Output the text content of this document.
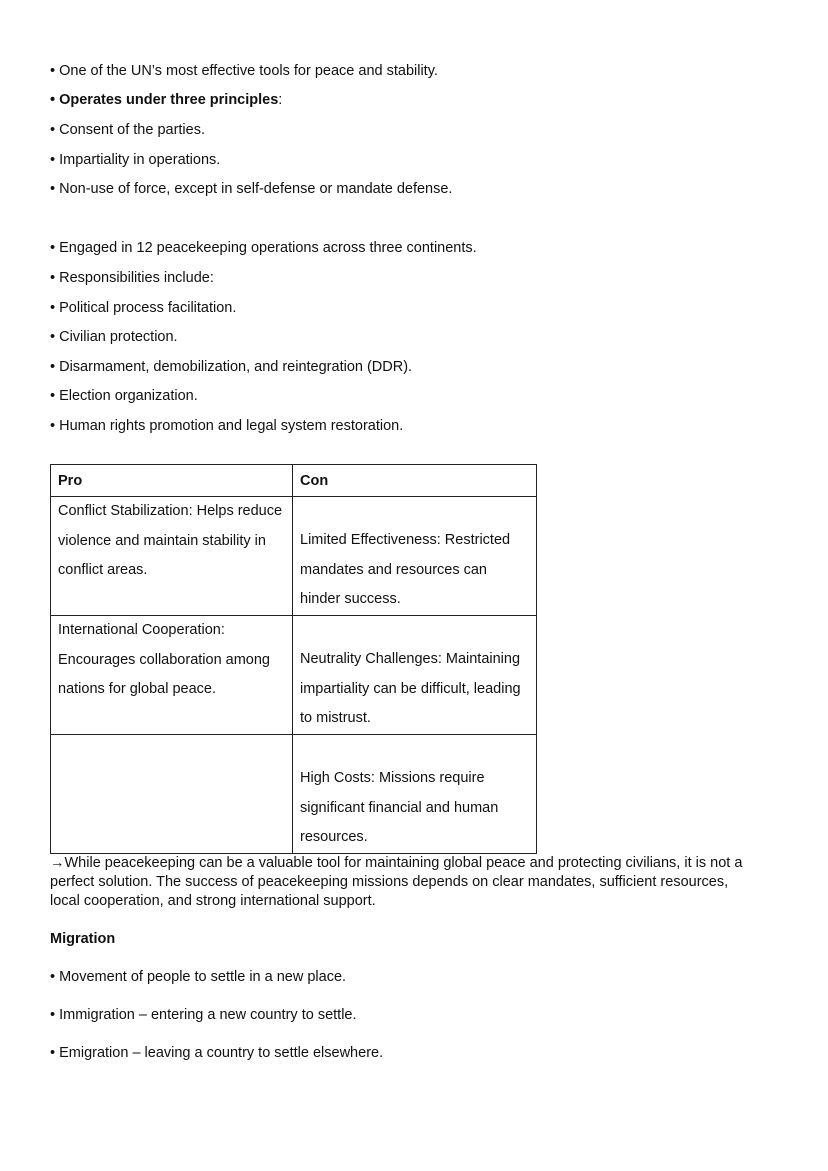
• One of the UN’s most effective tools for peace and stability.
• Operates under three principles:
• Consent of the parties.
• Impartiality in operations.
• Non-use of force, except in self-defense or mandate defense.
• Engaged in 12 peacekeeping operations across three continents.
• Responsibilities include:
• Political process facilitation.
• Civilian protection.
• Disarmament, demobilization, and reintegration (DDR).
• Election organization.
• Human rights promotion and legal system restoration.
Pro	Con
Conflict Stabilization: Helps reduce violence and maintain stability in conflict areas.	Limited Effectiveness: Restricted mandates and resources can hinder success.
International Cooperation: Encourages collaboration among nations for global peace.	Neutrality Challenges: Maintaining impartiality can be difficult, leading to mistrust.
	High Costs: Missions require significant financial and human resources.
→While peacekeeping can be a valuable tool for maintaining global peace and protecting civilians, it is not a perfect solution. The success of peacekeeping missions depends on clear mandates, sufficient resources, local cooperation, and strong international support.
Migration
• Movement of people to settle in a new place.
• Immigration – entering a new country to settle.
• Emigration – leaving a country to settle elsewhere.
